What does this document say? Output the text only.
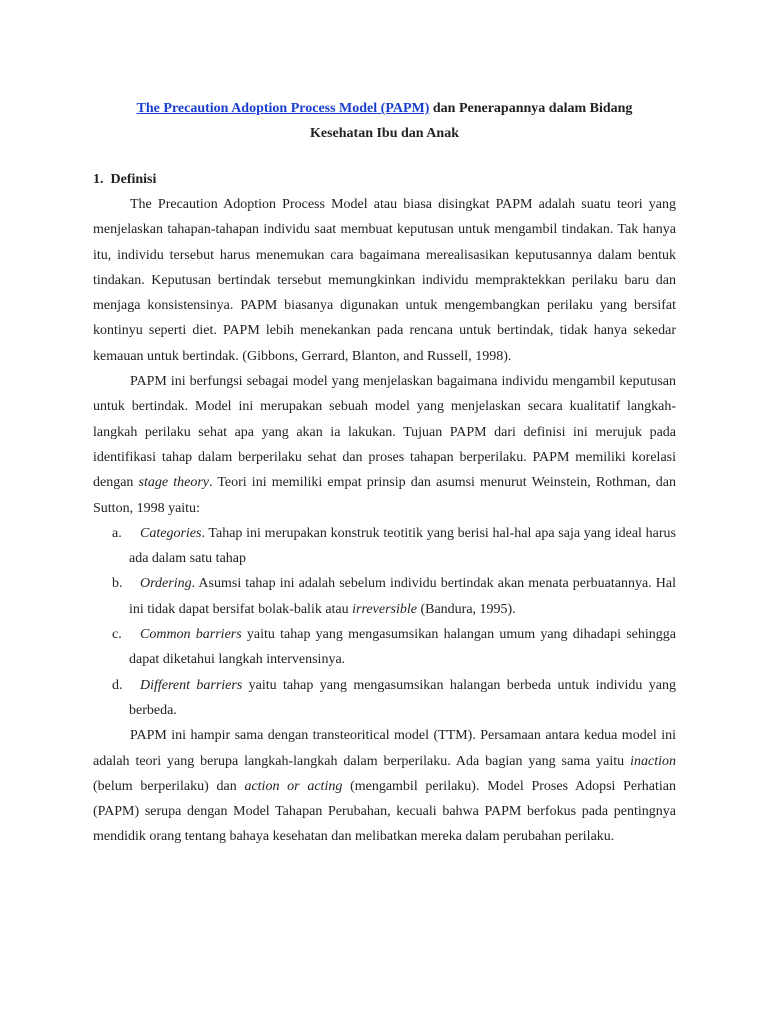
The Precaution Adoption Process Model (PAPM) dan Penerapannya dalam Bidang
Kesehatan Ibu dan Anak

1. Definisi

The Precaution Adoption Process Model atau biasa disingkat PAPM adalah suatu teori yang menjelaskan tahapan-tahapan individu saat membuat keputusan untuk mengambil tindakan. Tak hanya itu, individu tersebut harus menemukan cara bagaimana merealisasikan keputusannya dalam bentuk tindakan. Keputusan bertindak tersebut memungkinkan individu mempraktekkan perilaku baru dan menjaga konsistensinya. PAPM biasanya digunakan untuk mengembangkan perilaku yang bersifat kontinyu seperti diet. PAPM lebih menekankan pada rencana untuk bertindak, tidak hanya sekedar kemauan untuk bertindak. (Gibbons, Gerrard, Blanton, and Russell, 1998).

PAPM ini berfungsi sebagai model yang menjelaskan bagaimana individu mengambil keputusan untuk bertindak. Model ini merupakan sebuah model yang menjelaskan secara kualitatif langkah-langkah perilaku sehat apa yang akan ia lakukan. Tujuan PAPM dari definisi ini merujuk pada identifikasi tahap dalam berperilaku sehat dan proses tahapan berperilaku. PAPM memiliki korelasi dengan stage theory. Teori ini memiliki empat prinsip dan asumsi menurut Weinstein, Rothman, dan Sutton, 1998 yaitu:

a.	Categories. Tahap ini merupakan konstruk teotitik yang berisi hal-hal apa saja yang ideal harus ada dalam satu tahap
b.	Ordering. Asumsi tahap ini adalah sebelum individu bertindak akan menata perbuatannya. Hal ini tidak dapat bersifat bolak-balik atau irreversible (Bandura, 1995).
c.	Common barriers yaitu tahap yang mengasumsikan halangan umum yang dihadapi sehingga dapat diketahui langkah intervensinya.
d.	Different barriers yaitu tahap yang mengasumsikan halangan berbeda untuk individu yang berbeda.

PAPM ini hampir sama dengan transteoritical model (TTM). Persamaan antara kedua model ini adalah teori yang berupa langkah-langkah dalam berperilaku. Ada bagian yang sama yaitu inaction (belum berperilaku) dan action or acting (mengambil perilaku). Model Proses Adopsi Perhatian (PAPM) serupa dengan Model Tahapan Perubahan, kecuali bahwa PAPM berfokus pada pentingnya mendidik orang tentang bahaya kesehatan dan melibatkan mereka dalam perubahan perilaku.
